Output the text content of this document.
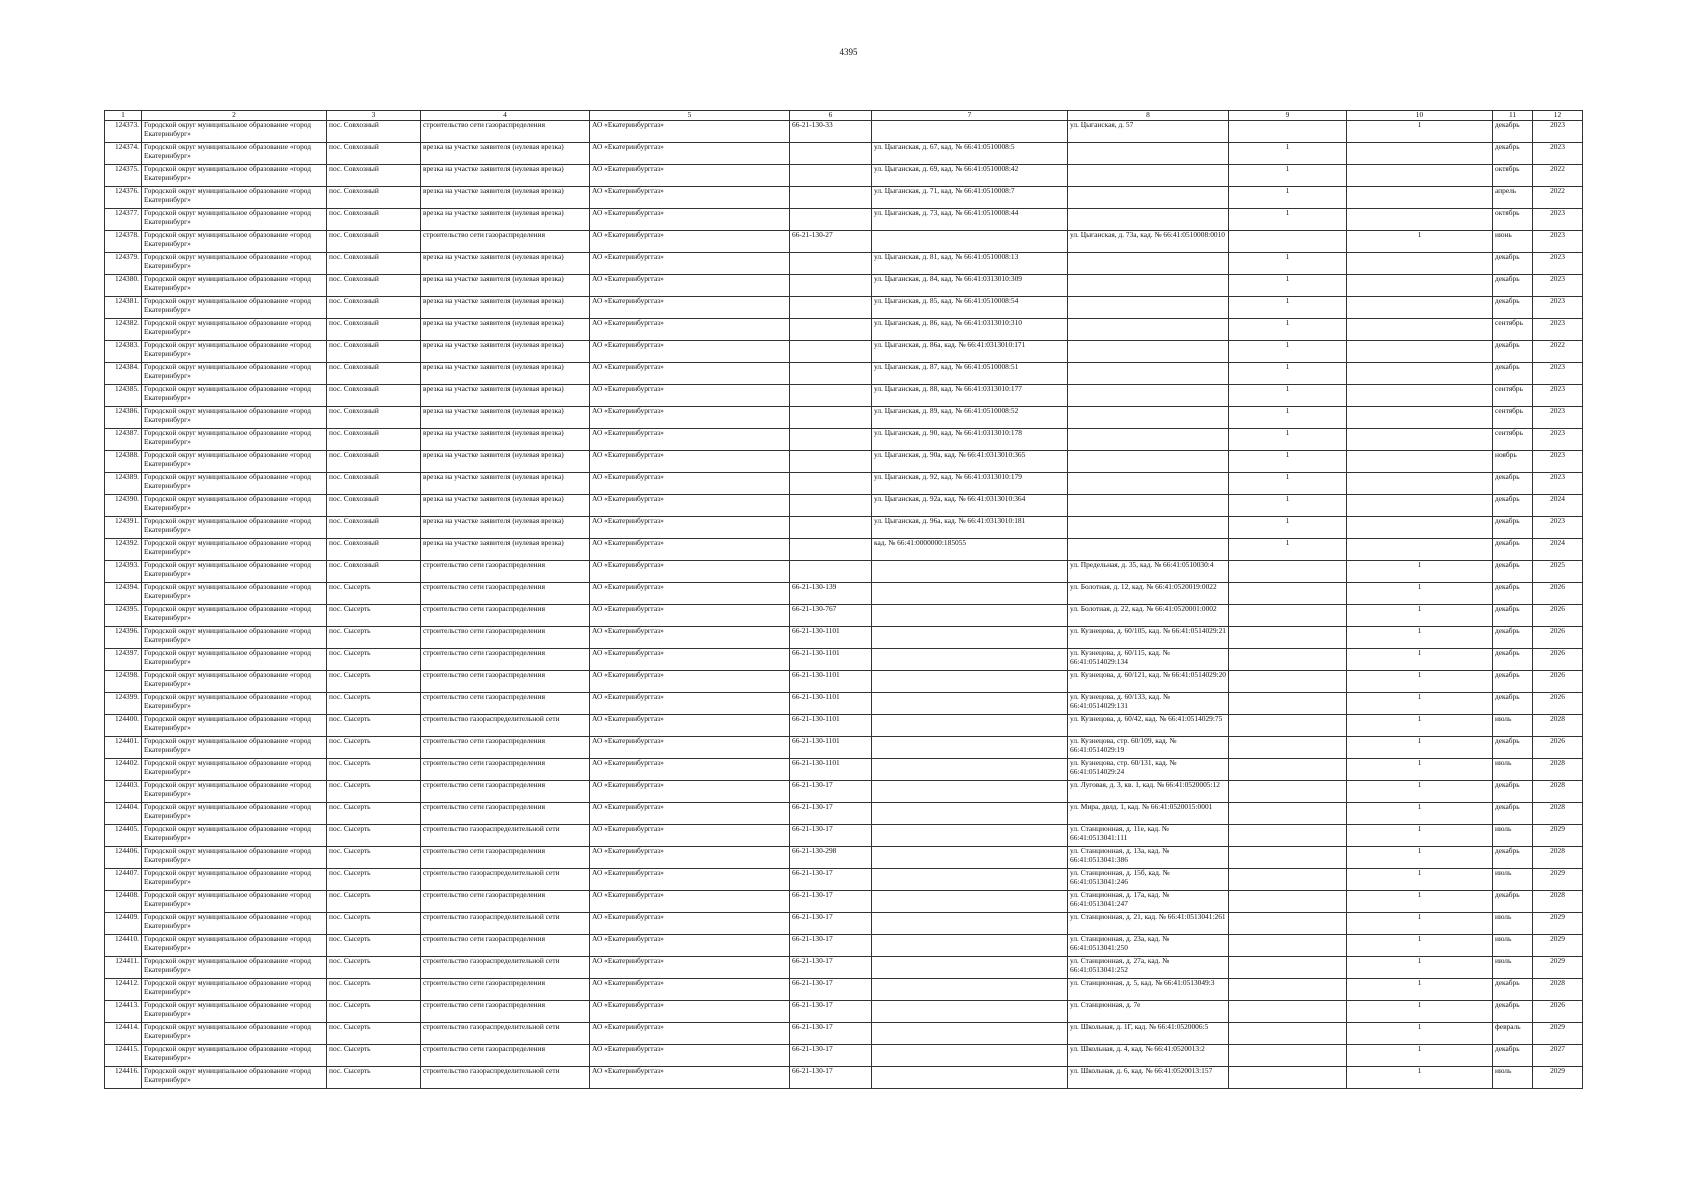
4395
1	2	3	4	5	6	7	8	9	10	11	12
124373.	Городской округ муниципальное образование «город Екатеринбург»	пос. Совхозный	строительство сети газораспределения	АО «Екатеринбурггаз»	66-21-130-33		ул. Цыганская, д. 57		1	декабрь	2023
124374.	Городской округ муниципальное образование «город Екатеринбург»	пос. Совхозный	врезка на участке заявителя (нулевая врезка)	АО «Екатеринбурггаз»		ул. Цыганская, д. 67, кад. № 66:41:0510008:5		1		декабрь	2023
124375.	Городской округ муниципальное образование «город Екатеринбург»	пос. Совхозный	врезка на участке заявителя (нулевая врезка)	АО «Екатеринбурггаз»		ул. Цыганская, д. 69, кад. № 66:41:0510008:42		1		октябрь	2022
124376.	Городской округ муниципальное образование «город Екатеринбург»	пос. Совхозный	врезка на участке заявителя (нулевая врезка)	АО «Екатеринбурггаз»		ул. Цыганская, д. 71, кад. № 66:41:0510008:7		1		апрель	2022
124377.	Городской округ муниципальное образование «город Екатеринбург»	пос. Совхозный	врезка на участке заявителя (нулевая врезка)	АО «Екатеринбурггаз»		ул. Цыганская, д. 73, кад. № 66:41:0510008:44		1		октябрь	2023
124378.	Городской округ муниципальное образование «город Екатеринбург»	пос. Совхозный	строительство сети газораспределения	АО «Екатеринбурггаз»	66-21-130-27		ул. Цыганская, д. 73а, кад. № 66:41:0510008:0010		1	июнь	2023
124379.	Городской округ муниципальное образование «город Екатеринбург»	пос. Совхозный	врезка на участке заявителя (нулевая врезка)	АО «Екатеринбурггаз»		ул. Цыганская, д. 81, кад. № 66:41:0510008:13		1		декабрь	2023
124380.	Городской округ муниципальное образование «город Екатеринбург»	пос. Совхозный	врезка на участке заявителя (нулевая врезка)	АО «Екатеринбурггаз»		ул. Цыганская, д. 84, кад. № 66:41:0313010:309		1		декабрь	2023
124381.	Городской округ муниципальное образование «город Екатеринбург»	пос. Совхозный	врезка на участке заявителя (нулевая врезка)	АО «Екатеринбурггаз»		ул. Цыганская, д. 85, кад. № 66:41:0510008:54		1		декабрь	2023
124382.	Городской округ муниципальное образование «город Екатеринбург»	пос. Совхозный	врезка на участке заявителя (нулевая врезка)	АО «Екатеринбурггаз»		ул. Цыганская, д. 86, кад. № 66:41:0313010:310		1		сентябрь	2023
124383.	Городской округ муниципальное образование «город Екатеринбург»	пос. Совхозный	врезка на участке заявителя (нулевая врезка)	АО «Екатеринбурггаз»		ул. Цыганская, д. 86а, кад. № 66:41:0313010:171		1		декабрь	2022
124384.	Городской округ муниципальное образование «город Екатеринбург»	пос. Совхозный	врезка на участке заявителя (нулевая врезка)	АО «Екатеринбурггаз»		ул. Цыганская, д. 87, кад. № 66:41:0510008:51		1		декабрь	2023
124385.	Городской округ муниципальное образование «город Екатеринбург»	пос. Совхозный	врезка на участке заявителя (нулевая врезка)	АО «Екатеринбурггаз»		ул. Цыганская, д. 88, кад. № 66:41:0313010:177		1		сентябрь	2023
124386.	Городской округ муниципальное образование «город Екатеринбург»	пос. Совхозный	врезка на участке заявителя (нулевая врезка)	АО «Екатеринбурггаз»		ул. Цыганская, д. 89, кад. № 66:41:0510008:52		1		сентябрь	2023
124387.	Городской округ муниципальное образование «город Екатеринбург»	пос. Совхозный	врезка на участке заявителя (нулевая врезка)	АО «Екатеринбурггаз»		ул. Цыганская, д. 90, кад. № 66:41:0313010:178		1		сентябрь	2023
124388.	Городской округ муниципальное образование «город Екатеринбург»	пос. Совхозный	врезка на участке заявителя (нулевая врезка)	АО «Екатеринбурггаз»		ул. Цыганская, д. 90а, кад. № 66:41:0313010:365		1		ноябрь	2023
124389.	Городской округ муниципальное образование «город Екатеринбург»	пос. Совхозный	врезка на участке заявителя (нулевая врезка)	АО «Екатеринбурггаз»		ул. Цыганская, д. 92, кад. № 66:41:0313010:179		1		декабрь	2023
124390.	Городской округ муниципальное образование «город Екатеринбург»	пос. Совхозный	врезка на участке заявителя (нулевая врезка)	АО «Екатеринбурггаз»		ул. Цыганская, д. 92а, кад. № 66:41:0313010:364		1		декабрь	2024
124391.	Городской округ муниципальное образование «город Екатеринбург»	пос. Совхозный	врезка на участке заявителя (нулевая врезка)	АО «Екатеринбурггаз»		ул. Цыганская, д. 96а, кад. № 66:41:0313010:181		1		декабрь	2023
124392.	Городской округ муниципальное образование «город Екатеринбург»	пос. Совхозный	врезка на участке заявителя (нулевая врезка)	АО «Екатеринбурггаз»		кад. № 66:41:0000000:185055		1		декабрь	2024
124393.	Городской округ муниципальное образование «город Екатеринбург»	пос. Совхозный	строительство сети газораспределения	АО «Екатеринбурггаз»			ул. Предельная, д. 35, кад. № 66:41:0510030:4		1	декабрь	2025
124394.	Городской округ муниципальное образование «город Екатеринбург»	пос. Сысерть	строительство сети газораспределения	АО «Екатеринбурггаз»	66-21-130-139		ул. Болотная, д. 12, кад. № 66:41:0520019:0022		1	декабрь	2026
124395.	Городской округ муниципальное образование «город Екатеринбург»	пос. Сысерть	строительство сети газораспределения	АО «Екатеринбурггаз»	66-21-130-767		ул. Болотная, д. 22, кад. № 66:41:0520001:0002		1	декабрь	2026
124396.	Городской округ муниципальное образование «город Екатеринбург»	пос. Сысерть	строительство сети газораспределения	АО «Екатеринбурггаз»	66-21-130-1101		ул. Кузнецова, д. 60/105, кад. № 66:41:0514029:21		1	декабрь	2026
124397.	Городской округ муниципальное образование «город Екатеринбург»	пос. Сысерть	строительство сети газораспределения	АО «Екатеринбурггаз»	66-21-130-1101		ул. Кузнецова, д. 60/115, кад. № 66:41:0514029:134		1	декабрь	2026
124398.	Городской округ муниципальное образование «город Екатеринбург»	пос. Сысерть	строительство сети газораспределения	АО «Екатеринбурггаз»	66-21-130-1101		ул. Кузнецова, д. 60/121, кад. № 66:41:0514029:20		1	декабрь	2026
124399.	Городской округ муниципальное образование «город Екатеринбург»	пос. Сысерть	строительство сети газораспределения	АО «Екатеринбурггаз»	66-21-130-1101		ул. Кузнецова, д. 60/133, кад. № 66:41:0514029:131		1	декабрь	2026
124400.	Городской округ муниципальное образование «город Екатеринбург»	пос. Сысерть	строительство газораспределительной сети	АО «Екатеринбурггаз»	66-21-130-1101		ул. Кузнецова, д. 60/42, кад. № 66:41:0514029:75		1	июль	2028
124401.	Городской округ муниципальное образование «город Екатеринбург»	пос. Сысерть	строительство сети газораспределения	АО «Екатеринбурггаз»	66-21-130-1101		ул. Кузнецова, стр. 60/109, кад. № 66:41:0514029:19		1	декабрь	2026
124402.	Городской округ муниципальное образование «город Екатеринбург»	пос. Сысерть	строительство сети газораспределения	АО «Екатеринбурггаз»	66-21-130-1101		ул. Кузнецова, стр. 60/131, кад. № 66:41:0514029:24		1	июль	2028
124403.	Городской округ муниципальное образование «город Екатеринбург»	пос. Сысерть	строительство сети газораспределения	АО «Екатеринбурггаз»	66-21-130-17		ул. Луговая, д. 3, кв. 1, кад. № 66:41:0520005:12		1	декабрь	2028
124404.	Городской округ муниципальное образование «город Екатеринбург»	пос. Сысерть	строительство сети газораспределения	АО «Екатеринбурггаз»	66-21-130-17		ул. Мира, двлд. 1, кад. № 66:41:0520015:0001		1	декабрь	2028
124405.	Городской округ муниципальное образование «город Екатеринбург»	пос. Сысерть	строительство газораспределительной сети	АО «Екатеринбурггаз»	66-21-130-17		ул. Станционная, д. 11е, кад. № 66:41:0513041:111		1	июль	2029
124406.	Городской округ муниципальное образование «город Екатеринбург»	пос. Сысерть	строительство сети газораспределения	АО «Екатеринбурггаз»	66-21-130-298		ул. Станционная, д. 13а, кад. № 66:41:0513041:386		1	декабрь	2028
124407.	Городской округ муниципальное образование «город Екатеринбург»	пос. Сысерть	строительство газораспределительной сети	АО «Екатеринбурггаз»	66-21-130-17		ул. Станционная, д. 15б, кад. № 66:41:0513041:246		1	июль	2029
124408.	Городской округ муниципальное образование «город Екатеринбург»	пос. Сысерть	строительство сети газораспределения	АО «Екатеринбурггаз»	66-21-130-17		ул. Станционная, д. 17а, кад. № 66:41:0513041:247		1	декабрь	2028
124409.	Городской округ муниципальное образование «город Екатеринбург»	пос. Сысерть	строительство газораспределительной сети	АО «Екатеринбурггаз»	66-21-130-17		ул. Станционная, д. 21, кад. № 66:41:0513041:261		1	июль	2029
124410.	Городской округ муниципальное образование «город Екатеринбург»	пос. Сысерть	строительство сети газораспределения	АО «Екатеринбурггаз»	66-21-130-17		ул. Станционная, д. 23а, кад. № 66:41:0513041:250		1	июль	2029
124411.	Городской округ муниципальное образование «город Екатеринбург»	пос. Сысерть	строительство газораспределительной сети	АО «Екатеринбурггаз»	66-21-130-17		ул. Станционная, д. 27а, кад. № 66:41:0513041:252		1	июль	2029
124412.	Городской округ муниципальное образование «город Екатеринбург»	пос. Сысерть	строительство сети газораспределения	АО «Екатеринбурггаз»	66-21-130-17		ул. Станционная, д. 5, кад. № 66:41:0513049:3		1	декабрь	2028
124413.	Городской округ муниципальное образование «город Екатеринбург»	пос. Сысерть	строительство сети газораспределения	АО «Екатеринбурггаз»	66-21-130-17		ул. Станционная, д. 7е		1	декабрь	2026
124414.	Городской округ муниципальное образование «город Екатеринбург»	пос. Сысерть	строительство газораспределительной сети	АО «Екатеринбурггаз»	66-21-130-17		ул. Школьная, д. 1Г, кад. № 66:41:0520006:5		1	февраль	2029
124415.	Городской округ муниципальное образование «город Екатеринбург»	пос. Сысерть	строительство сети газораспределения	АО «Екатеринбурггаз»	66-21-130-17		ул. Школьная, д. 4, кад. № 66:41:0520013:2		1	декабрь	2027
124416.	Городской округ муниципальное образование «город Екатеринбург»	пос. Сысерть	строительство газораспределительной сети	АО «Екатеринбурггаз»	66-21-130-17		ул. Школьная, д. 6, кад. № 66:41:0520013:157		1	июль	2029
